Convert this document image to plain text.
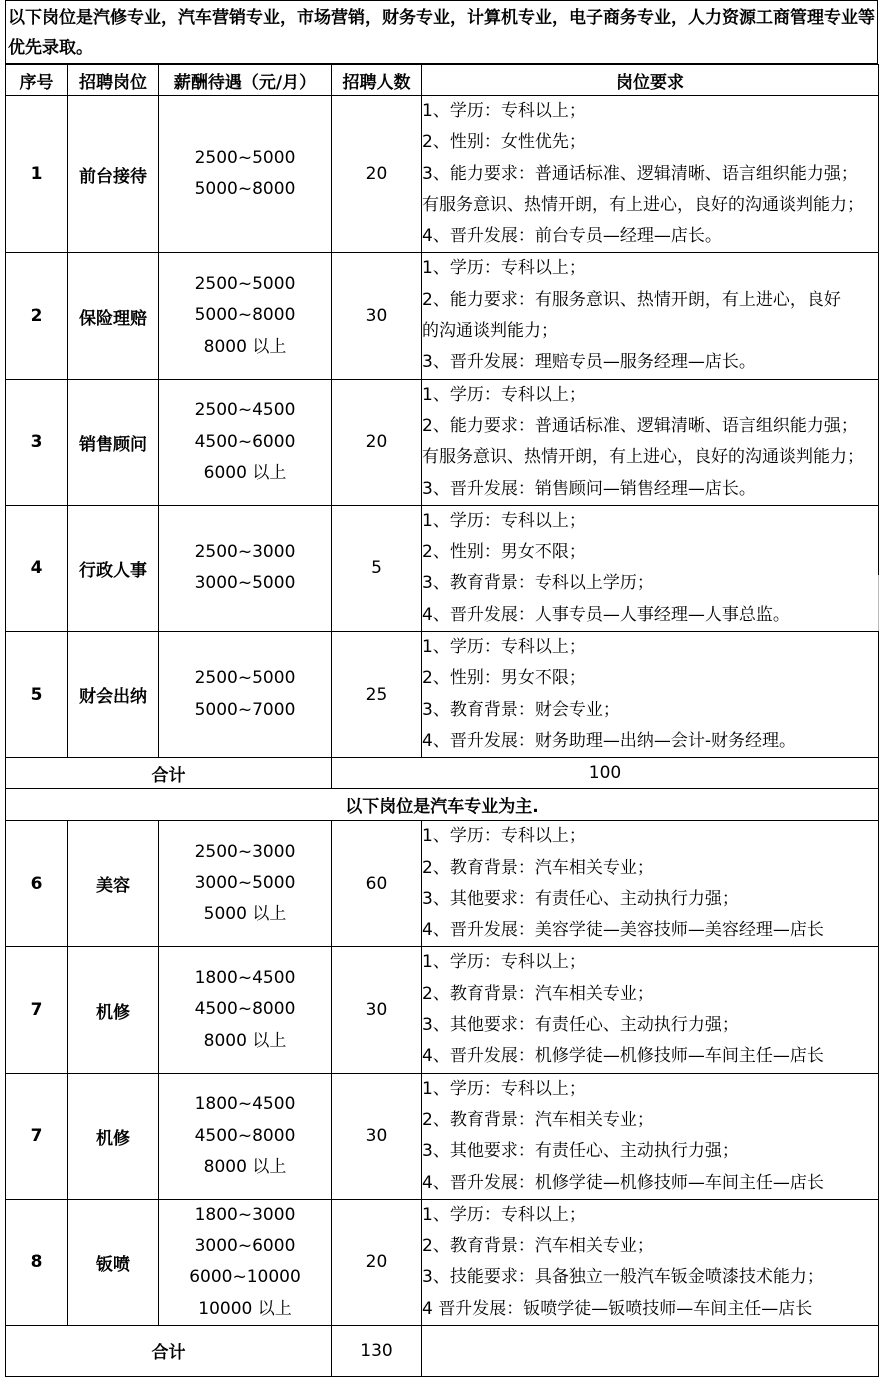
以下岗位是汽修专业，汽车营销专业，市场营销，财务专业，计算机专业，电子商务专业，人力资源工商管理专业等优先录取。
序号	招聘岗位	薪酬待遇（元/月）	招聘人数	岗位要求
1	前台接待	2500~5000
5000~8000	20	1、学历：专科以上；
2、性别：女性优先；
3、能力要求：普通话标准、逻辑清晰、语言组织能力强；
有服务意识、热情开朗，有上进心，良好的沟通谈判能力；
4、晋升发展：前台专员—经理—店长。

2	保险理赔	2500~5000
5000~8000
8000 以上	30	1、学历：专科以上；
2、能力要求：有服务意识、热情开朗，有上进心，良好
的沟通谈判能力；
3、晋升发展：理赔专员—服务经理—店长。

3	销售顾问	2500~4500
4500~6000
6000 以上	20	1、学历：专科以上；
2、能力要求：普通话标准、逻辑清晰、语言组织能力强；
有服务意识、热情开朗，有上进心，良好的沟通谈判能力；
3、晋升发展：销售顾问—销售经理—店长。

4	行政人事	2500~3000
3000~5000	5	1、学历：专科以上；
2、性别：男女不限；
3、教育背景：专科以上学历；
4、晋升发展：人事专员—人事经理—人事总监。

5	财会出纳	2500~5000
5000~7000	25	1、学历：专科以上；
2、性别：男女不限；
3、教育背景：财会专业；
4、晋升发展：财务助理—出纳—会计-财务经理。

合计			100	
以下岗位是汽车专业为主.				
6	美容	2500~3000
3000~5000
5000 以上	60	1、学历：专科以上；
2、教育背景：汽车相关专业；
3、其他要求：有责任心、主动执行力强；
4、晋升发展：美容学徒—美容技师—美容经理—店长

7	机修	1800~4500
4500~8000
8000 以上	30	1、学历：专科以上；
2、教育背景：汽车相关专业；
3、其他要求：有责任心、主动执行力强；
4、晋升发展：机修学徒—机修技师—车间主任—店长

7	机修	1800~4500
4500~8000
8000 以上	30	1、学历：专科以上；
2、教育背景：汽车相关专业；
3、其他要求：有责任心、主动执行力强；
4、晋升发展：机修学徒—机修技师—车间主任—店长

8	钣喷	1800~3000
3000~6000
6000~10000
10000 以上	20	1、学历：专科以上；
2、教育背景：汽车相关专业；
3、技能要求：具备独立一般汽车钣金喷漆技术能力；
4 晋升发展：钣喷学徒—钣喷技师—车间主任—店长

合计			130	
